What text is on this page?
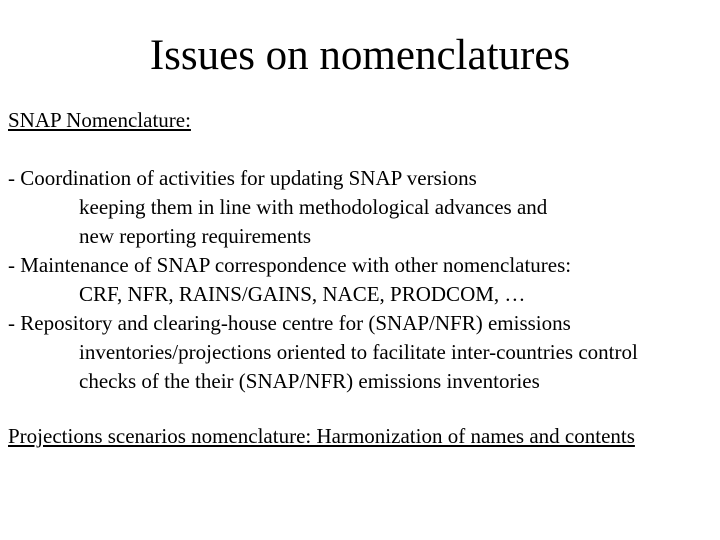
Issues on nomenclatures
SNAP Nomenclature:
- Coordination of activities for updating SNAP versions
keeping them in line with methodological advances and
new reporting requirements
- Maintenance of SNAP correspondence with other nomenclatures:
CRF, NFR, RAINS/GAINS, NACE, PRODCOM, …
- Repository and clearing-house centre for (SNAP/NFR) emissions
inventories/projections oriented to facilitate inter-countries control
checks of the their (SNAP/NFR) emissions inventories
Projections scenarios nomenclature: Harmonization of names and contents
